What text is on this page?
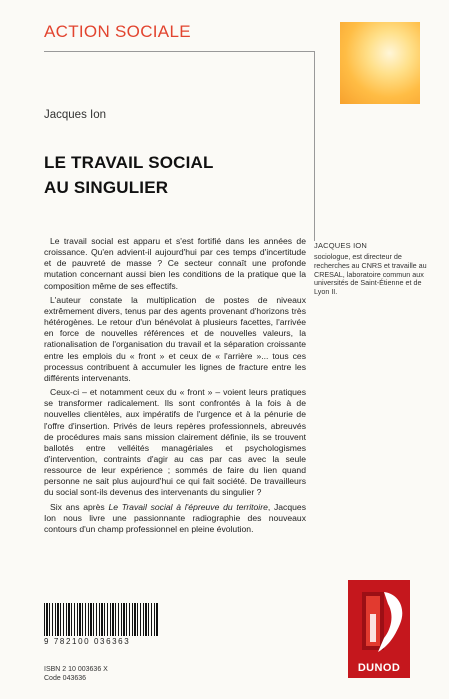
ACTION SOCIALE
Jacques Ion
LE TRAVAIL SOCIAL
AU SINGULIER

Le travail social est apparu et s'est fortifié dans les années de croissance. Qu'en advient-il aujourd'hui par ces temps d'incertitude et de pauvreté de masse ? Ce secteur connaît une profonde mutation concernant aussi bien les conditions de la pratique que la composition même de ses effectifs.

L'auteur constate la multiplication de postes de niveaux extrêmement divers, tenus par des agents provenant d'horizons très hétérogènes. Le retour d'un bénévolat à plusieurs facettes, l'arrivée en force de nouvelles références et de nouvelles valeurs, la rationalisation de l'organisation du travail et la séparation croissante entre les emplois du « front » et ceux de « l'arrière »... tous ces processus contribuent à accumuler les lignes de fracture entre les différents intervenants.

Ceux-ci – et notamment ceux du « front » – voient leurs pratiques se transformer radicalement. Ils sont confrontés à la fois à de nouvelles clientèles, aux impératifs de l'urgence et à la pénurie de l'offre d'insertion. Privés de leurs repères professionnels, abreuvés de procédures mais sans mission clairement définie, ils se trouvent ballotés entre velléités managériales et psychologismes d'intervention, contraints d'agir au cas par cas avec la seule ressource de leur expérience ; sommés de faire du lien quand personne ne sait plus aujourd'hui ce qui fait société. De travailleurs du social sont-ils devenus des intervenants du singulier ?

Six ans après Le Travail social à l'épreuve du territoire, Jacques Ion nous livre une passionnante radiographie des nouveaux contours d'un champ professionnel en pleine évolution.

JACQUES ION
sociologue, est directeur de recherches au CNRS et travaille au CRESAL, laboratoire commun aux universités de Saint-Étienne et de Lyon II.
9 782100 036363
ISBN 2 10 003636 X
Code 043636
DUNOD
